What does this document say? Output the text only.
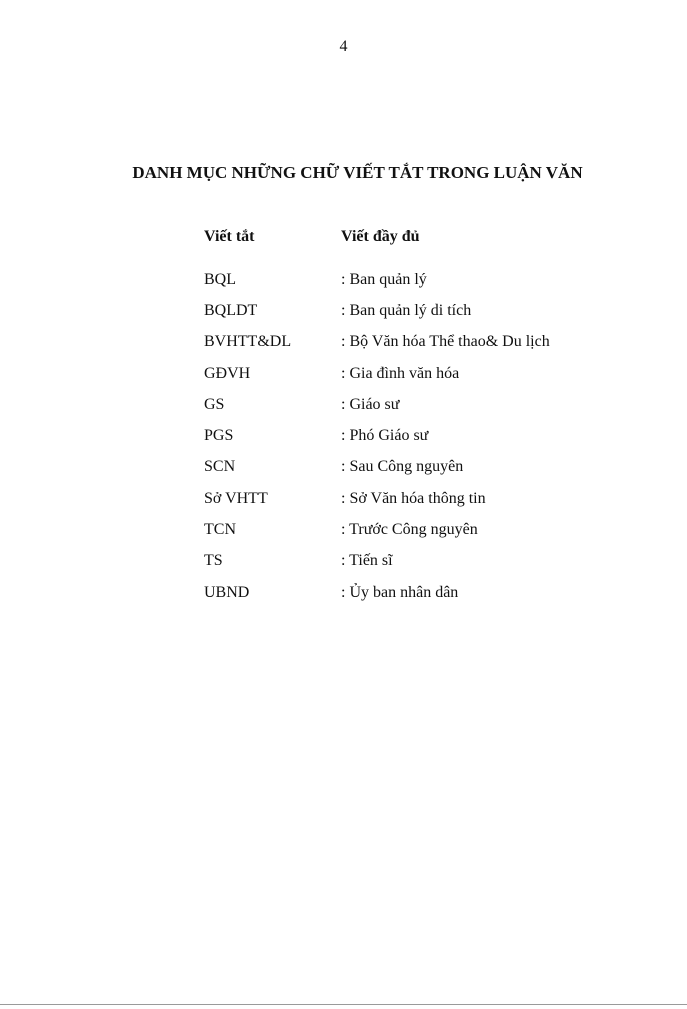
4
DANH MỤC NHỮNG CHỮ VIẾT TẮT TRONG LUẬN VĂN
Viết tắt	Viết đầy đủ
BQL	: Ban quản lý
BQLDT	: Ban quản lý di tích
BVHTT&DL	: Bộ Văn hóa Thể thao& Du lịch
GĐVH	: Gia đình văn hóa
GS	: Giáo sư
PGS	: Phó Giáo sư
SCN	: Sau Công nguyên
Sở VHTT	: Sở Văn hóa thông tin
TCN	: Trước Công nguyên
TS	: Tiến sĩ
UBND	: Ủy ban nhân dân
